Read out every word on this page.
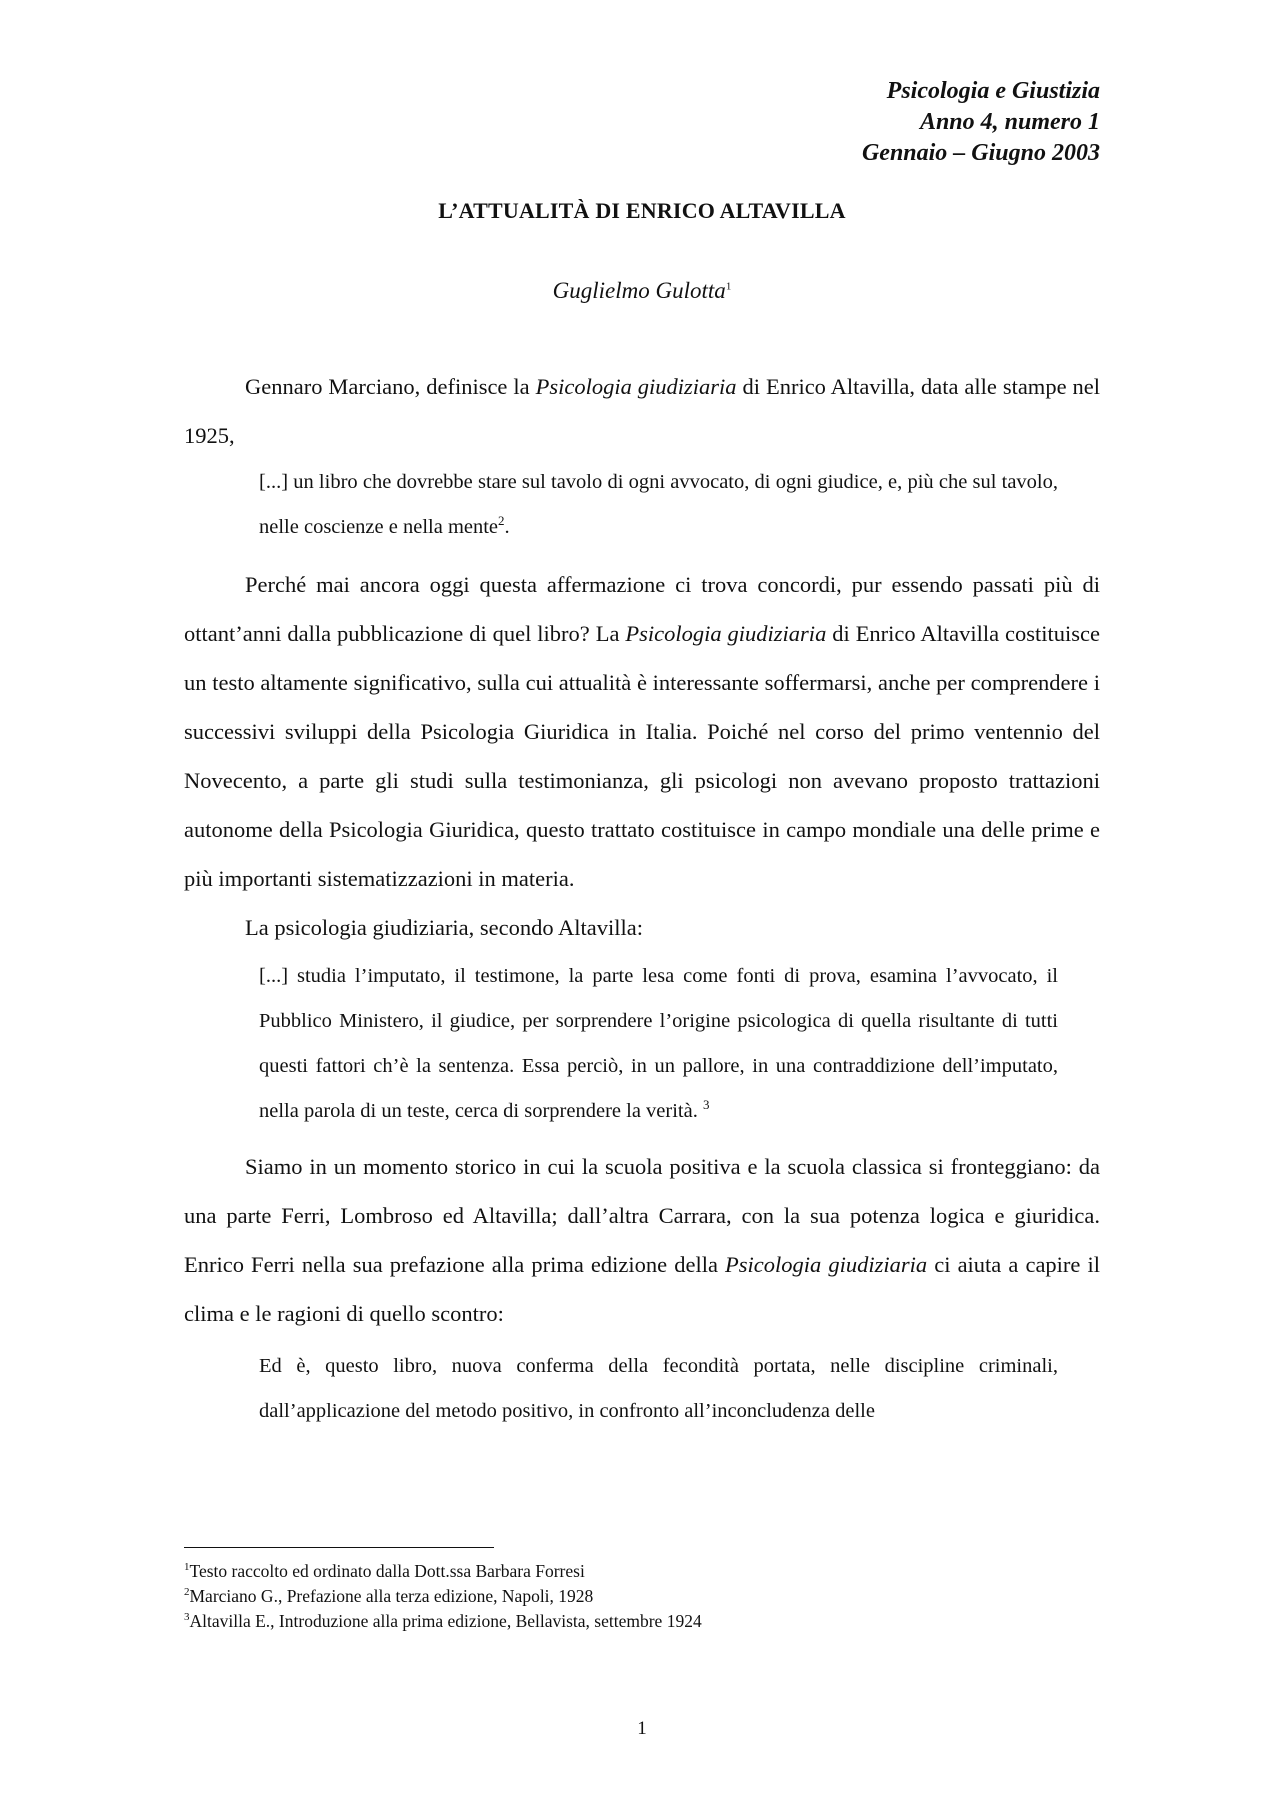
Psicologia e Giustizia
Anno 4, numero 1
Gennaio – Giugno 2003
L’ATTUALITÀ DI ENRICO ALTAVILLA
Guglielmo Gulotta$^1$

Gennaro Marciano, definisce la Psicologia giudiziaria di Enrico Altavilla, data alle stampe nel 1925,

[...] un libro che dovrebbe stare sul tavolo di ogni avvocato, di ogni giudice, e, più che sul tavolo, nelle coscienze e nella mente$^2$.

Perché mai ancora oggi questa affermazione ci trova concordi, pur essendo passati più di ottant’anni dalla pubblicazione di quel libro? La Psicologia giudiziaria di Enrico Altavilla costituisce un testo altamente significativo, sulla cui attualità è interessante soffermarsi, anche per comprendere i successivi sviluppi della Psicologia Giuridica in Italia. Poiché nel corso del primo ventennio del Novecento, a parte gli studi sulla testimonianza, gli psicologi non avevano proposto trattazioni autonome della Psicologia Giuridica, questo trattato costituisce in campo mondiale una delle prime e più importanti sistematizzazioni in materia.

La psicologia giudiziaria, secondo Altavilla:

[...] studia l’imputato, il testimone, la parte lesa come fonti di prova, esamina l’avvocato, il Pubblico Ministero, il giudice, per sorprendere l’origine psicologica di quella risultante di tutti questi fattori ch’è la sentenza. Essa perciò, in un pallore, in una contraddizione dell’imputato, nella parola di un teste, cerca di sorprendere la verità. $^3$

Siamo in un momento storico in cui la scuola positiva e la scuola classica si fronteggiano: da una parte Ferri, Lombroso ed Altavilla; dall’altra Carrara, con la sua potenza logica e giuridica. Enrico Ferri nella sua prefazione alla prima edizione della Psicologia giudiziaria ci aiuta a capire il clima e le ragioni di quello scontro:

Ed è, questo libro, nuova conferma della fecondità portata, nelle discipline criminali, dall’applicazione del metodo positivo, in confronto all’inconcludenza delle
$^1$Testo raccolto ed ordinato dalla Dott.ssa Barbara Forresi
$^2$Marciano G., Prefazione alla terza edizione, Napoli, 1928
$^3$Altavilla E., Introduzione alla prima edizione, Bellavista, settembre 1924
1
